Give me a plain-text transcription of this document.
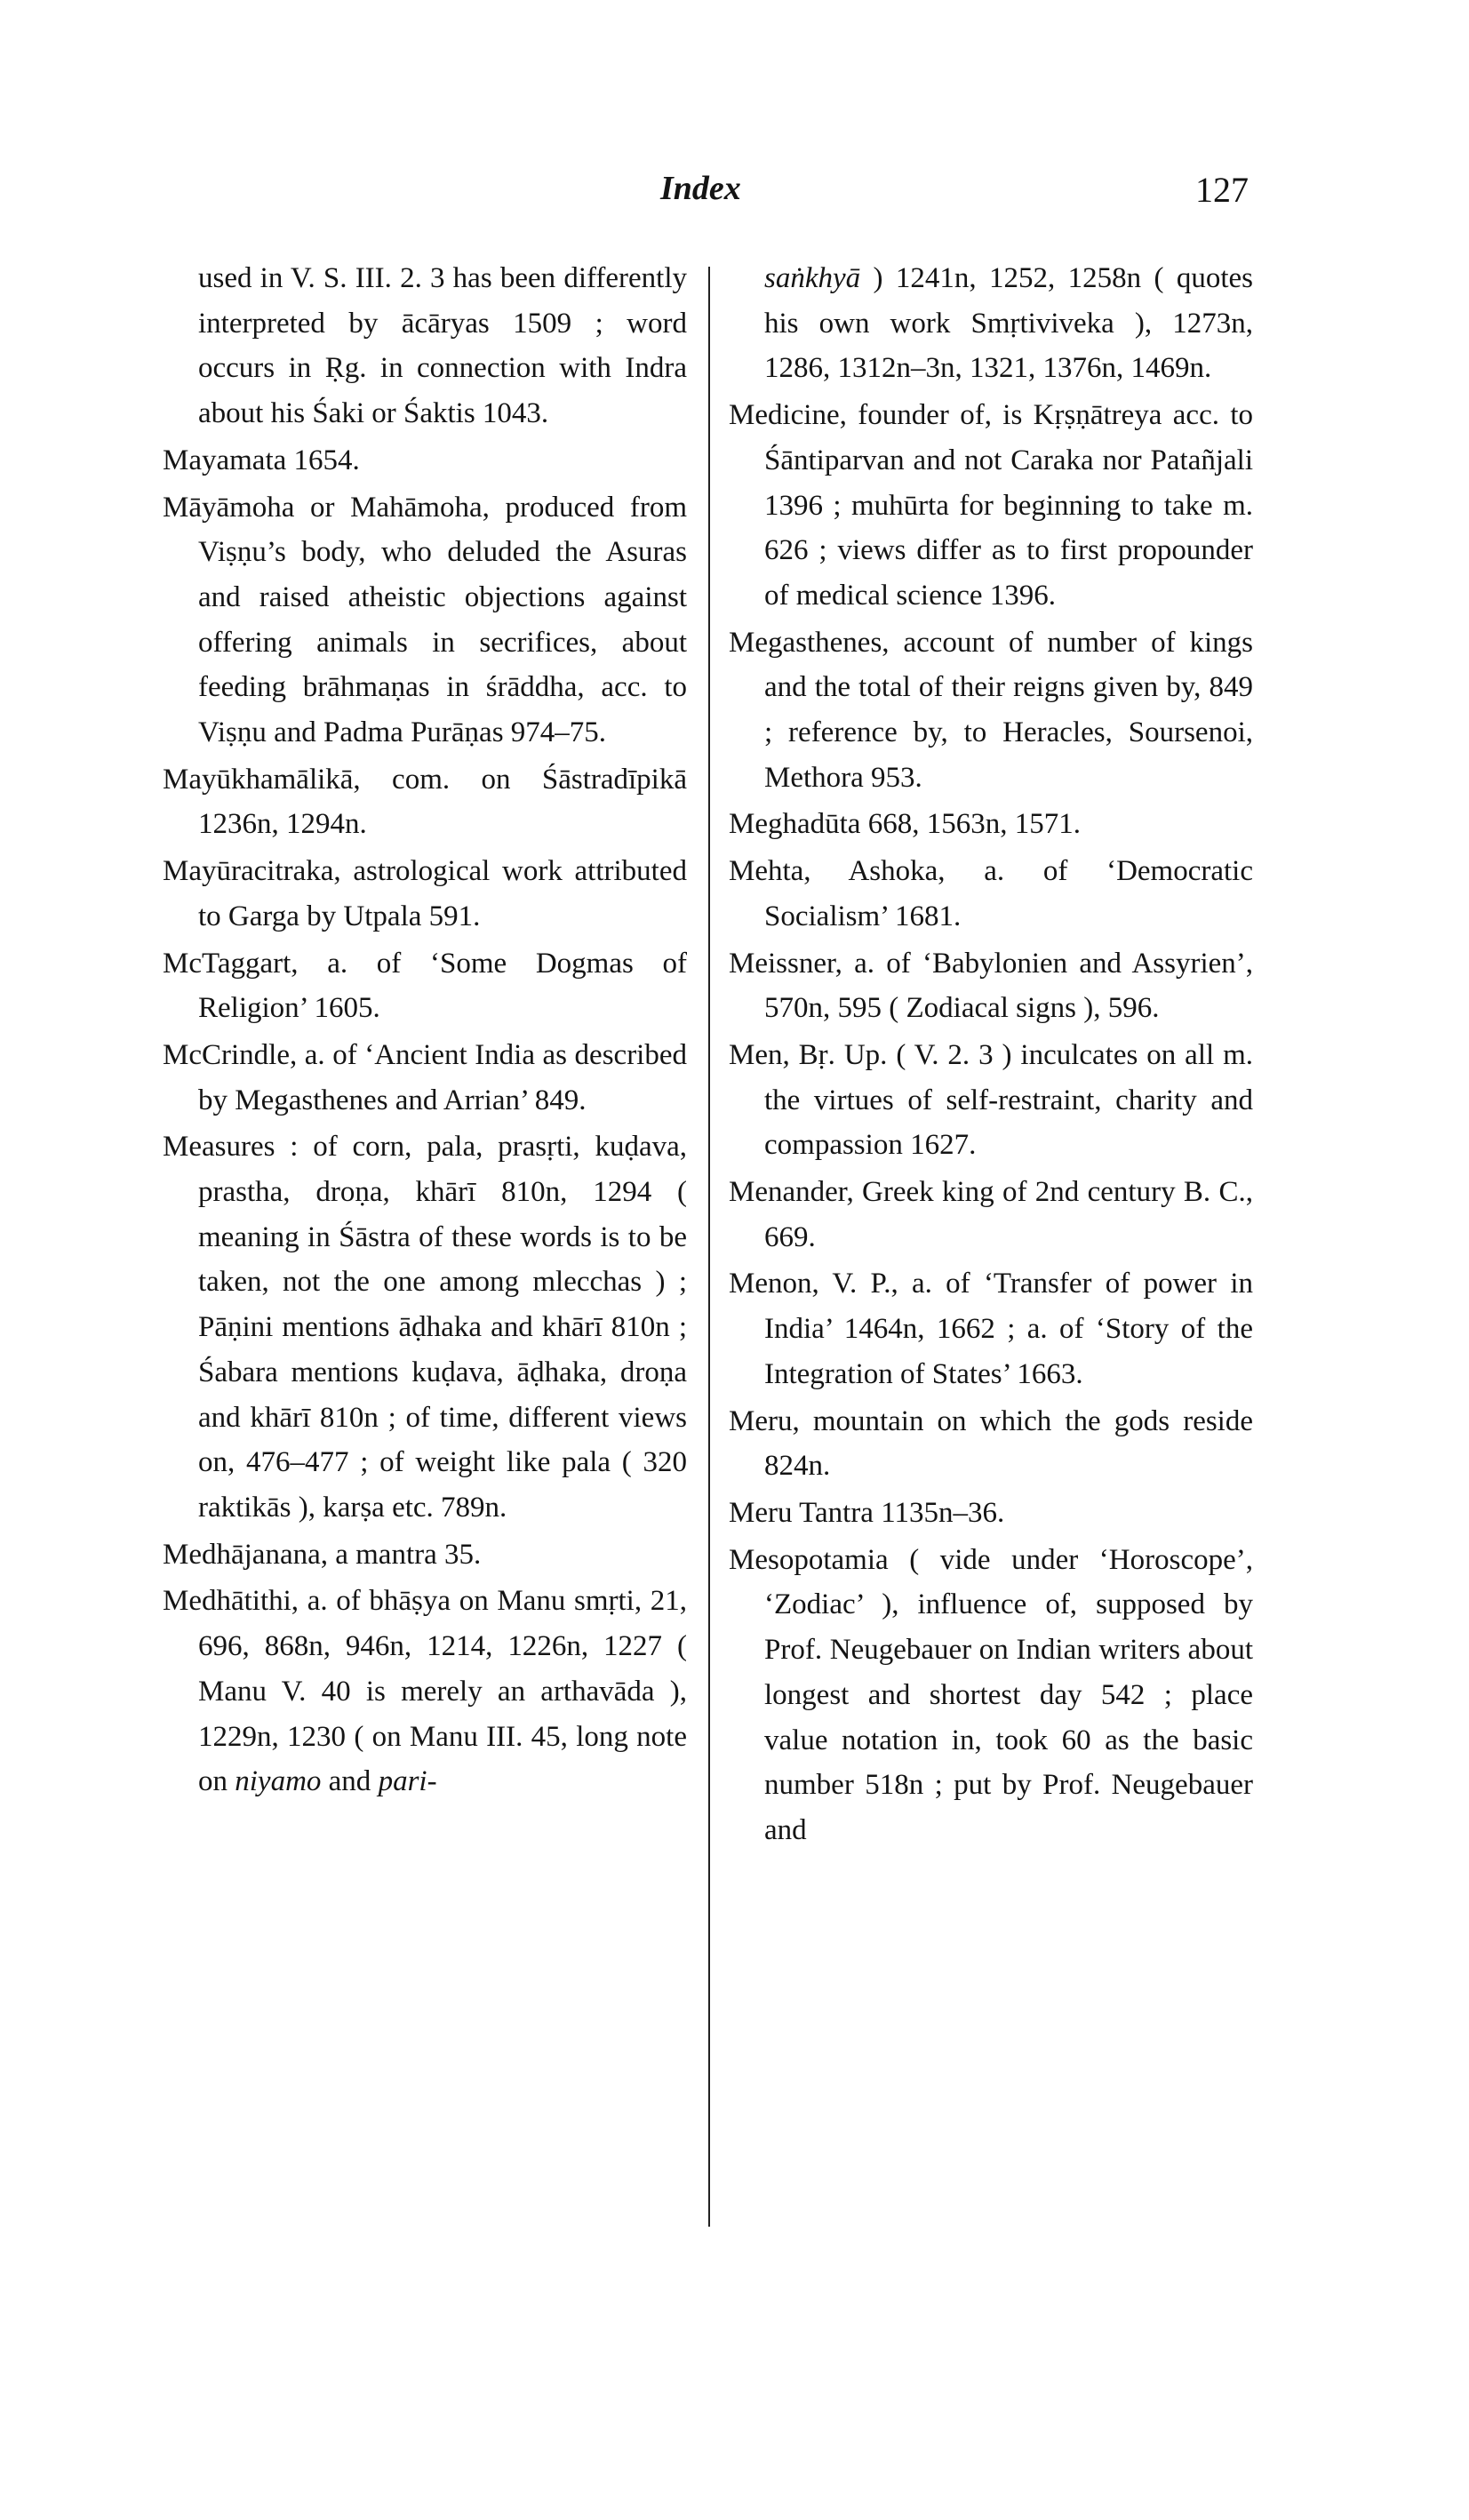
Index	127

used in V. S. III. 2. 3 has been differently interpreted by ācāryas 1509 ; word occurs in Ṛg. in connection with Indra about his Śaki or Śaktis 1043.

Mayamata 1654.

Māyāmoha or Mahāmoha, produced from Viṣṇu’s body, who deluded the Asuras and raised atheistic objections against offering animals in secrifices, about feeding brāhmaṇas in śrāddha, acc. to Viṣṇu and Padma Purāṇas 974–75.

Mayūkhamālikā, com. on Śāstradīpikā 1236n, 1294n.

Mayūracitraka, astrological work attributed to Garga by Utpala 591.

McTaggart, a. of ‘Some Dogmas of Religion’ 1605.

McCrindle, a. of ‘Ancient India as described by Megasthenes and Arrian’ 849.

Measures : of corn, pala, prasṛti, kuḍava, prastha, droṇa, khārī 810n, 1294 ( meaning in Śāstra of these words is to be taken, not the one among mlecchas ) ; Pāṇini mentions āḍhaka and khārī 810n ; Śabara mentions kuḍava, āḍhaka, droṇa and khārī 810n ; of time, different views on, 476–477 ; of weight like pala ( 320 raktikās ), karṣa etc. 789n.

Medhājanana, a mantra 35.

Medhātithi, a. of bhāṣya on Manu smṛti, 21, 696, 868n, 946n, 1214, 1226n, 1227 ( Manu V. 40 is merely an arthavāda ), 1229n, 1230 ( on Manu III. 45, long note on niyamo and pari-

saṅkhyā ) 1241n, 1252, 1258n ( quotes his own work Smṛtiviveka ), 1273n, 1286, 1312n–3n, 1321, 1376n, 1469n.

Medicine, founder of, is Kṛṣṇātreya acc. to Śāntiparvan and not Caraka nor Patañjali 1396 ; muhūrta for beginning to take m. 626 ; views differ as to first propounder of medical science 1396.

Megasthenes, account of number of kings and the total of their reigns given by, 849 ; reference by, to Heracles, Soursenoi, Methora 953.

Meghadūta 668, 1563n, 1571.

Mehta, Ashoka, a. of ‘Democratic Socialism’ 1681.

Meissner, a. of ‘Babylonien and Assyrien’, 570n, 595 ( Zodiacal signs ), 596.

Men, Bṛ. Up. ( V. 2. 3 ) inculcates on all m. the virtues of self-restraint, charity and compassion 1627.

Menander, Greek king of 2nd century B. C., 669.

Menon, V. P., a. of ‘Transfer of power in India’ 1464n, 1662 ; a. of ‘Story of the Integration of States’ 1663.

Meru, mountain on which the gods reside 824n.

Meru Tantra 1135n–36.

Mesopotamia ( vide under ‘Horoscope’, ‘Zodiac’ ), influence of, supposed by Prof. Neugebauer on Indian writers about longest and shortest day 542 ; place value notation in, took 60 as the basic number 518n ; put by Prof. Neugebauer and
